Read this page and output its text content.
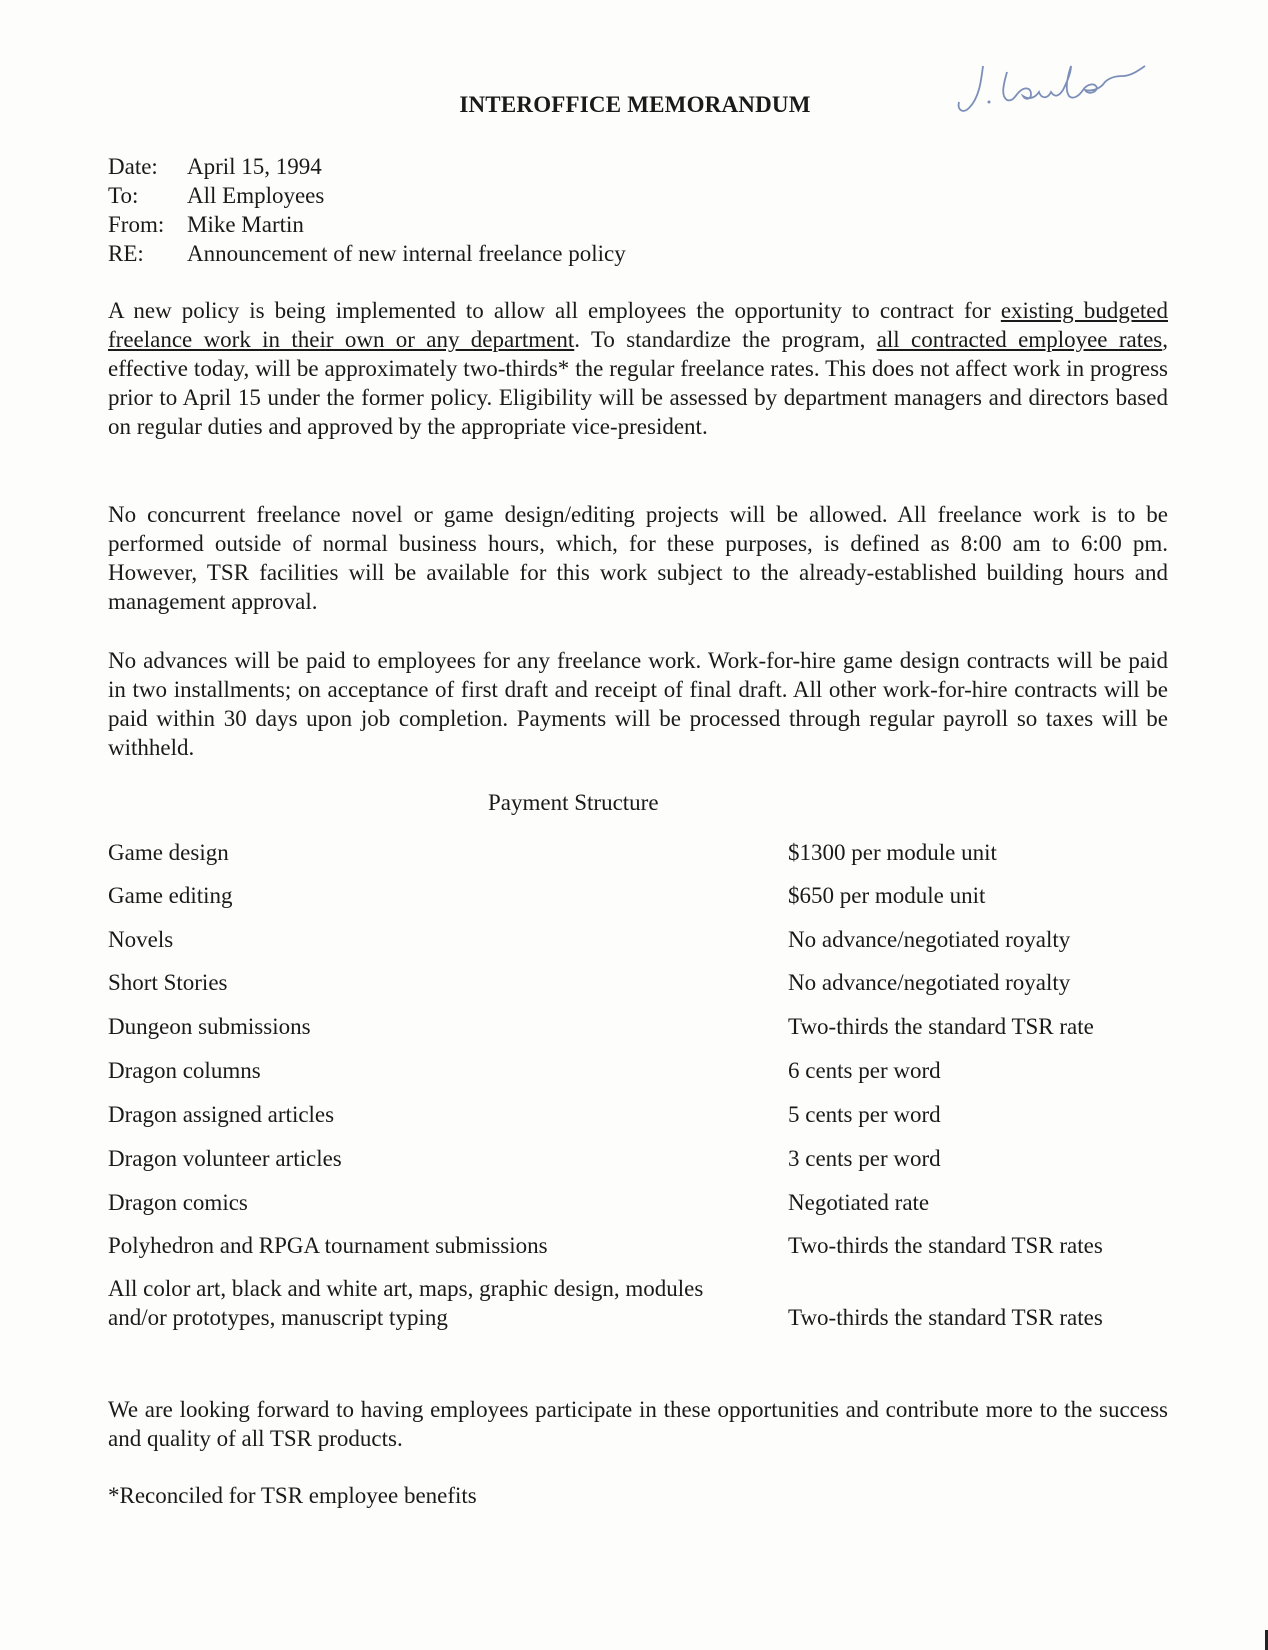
INTEROFFICE MEMORANDUM
Date:	April 15, 1994
To:	All Employees
From: Mike Martin
RE:	Announcement of new internal freelance policy
A new policy is being implemented to allow all employees the opportunity to contract for existing budgeted freelance work in their own or any department. To standardize the program, all contracted employee rates, effective today, will be approximately two-thirds* the regular freelance rates. This does not affect work in progress prior to April 15 under the former policy. Eligibility will be assessed by department managers and directors based on regular duties and approved by the appropriate vice-president.
No concurrent freelance novel or game design/editing projects will be allowed. All freelance work is to be performed outside of normal business hours, which, for these purposes, is defined as 8:00 am to 6:00 pm. However, TSR facilities will be available for this work subject to the already-established building hours and management approval.
No advances will be paid to employees for any freelance work. Work-for-hire game design contracts will be paid in two installments; on acceptance of first draft and receipt of final draft. All other work-for-hire contracts will be paid within 30 days upon job completion. Payments will be processed through regular payroll so taxes will be withheld.
Payment Structure
Game design	$1300 per module unit
Game editing	$650 per module unit
Novels	No advance/negotiated royalty
Short Stories	No advance/negotiated royalty
Dungeon submissions	Two-thirds the standard TSR rate
Dragon columns	6 cents per word
Dragon assigned articles	5 cents per word
Dragon volunteer articles	3 cents per word
Dragon comics	Negotiated rate
Polyhedron and RPGA tournament submissions	Two-thirds the standard TSR rates
All color art, black and white art, maps, graphic design, modules and/or prototypes, manuscript typing	Two-thirds the standard TSR rates
We are looking forward to having employees participate in these opportunities and contribute more to the success and quality of all TSR products.
*Reconciled for TSR employee benefits
